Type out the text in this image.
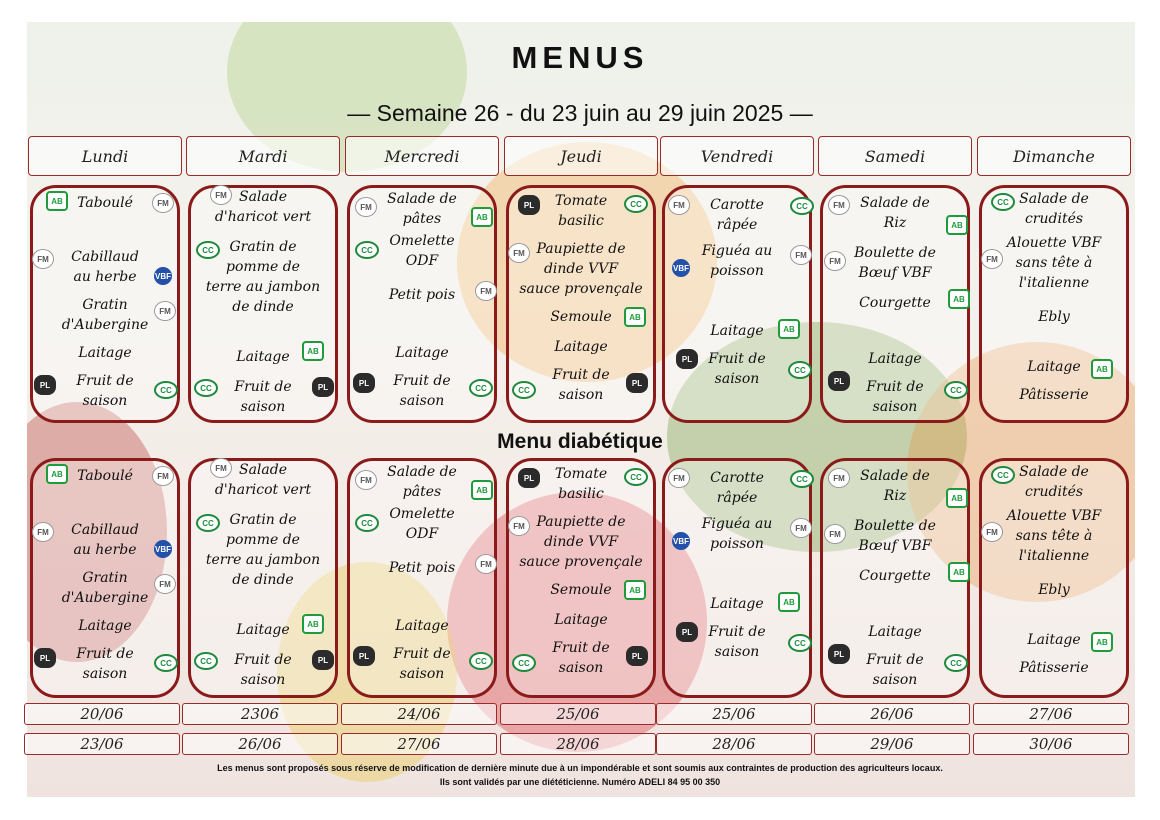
MENUS
— Semaine 26 - du 23 juin au 29 juin 2025 —
Menu diabétique
Lundi	Mardi	Mercredi	Jeudi	Vendredi	Samedi	Dimanche
Taboulé
Cabillaud
au herbe
Gratin
d'Aubergine
Laitage
Fruit de
saison
AB	FM
FM
VBF
FM
PL
CC
Salade
d'haricot vert
Gratin de
pomme de
terre au jambon
de dinde
Laitage
Fruit de
saison
FM
CC
AB
CC	PL
Salade de
pâtes
Omelette
ODF
Petit pois
Laitage
Fruit de
saison
FM
AB
CC
FM
PL
CC
Tomate
basilic
Paupiette de
dinde VVF
sauce provençale
Semoule
Laitage
Fruit de
saison
PL	CC
FM
AB
CC
PL
Carotte
râpée
Figuéa au
poisson
Laitage
Fruit de
saison
FM	CC
VBF
FM
AB
PL
CC
Salade de
Riz
Boulette de
Bœuf VBF
Courgette
Laitage
Fruit de
saison
FM
AB
FM
AB
PL
CC
Salade de
crudités
Alouette VBF
sans tête à
l'italienne
Ebly
Laitage
Pâtisserie
CC
FM
AB
Taboulé
Cabillaud
au herbe
Gratin
d'Aubergine
Laitage
Fruit de
saison
AB	FM
FM
VBF
FM
PL
CC
Salade
d'haricot vert
Gratin de
pomme de
terre au jambon
de dinde
Laitage
Fruit de
saison
FM
CC
AB
CC	PL
Salade de
pâtes
Omelette
ODF
Petit pois
Laitage
Fruit de
saison
FM
AB
CC
FM
PL
CC
Tomate
basilic
Paupiette de
dinde VVF
sauce provençale
Semoule
Laitage
Fruit de
saison
PL	CC
FM
AB
CC
PL
Carotte
râpée
Figuéa au
poisson
Laitage
Fruit de
saison
FM	CC
VBF
FM
AB
PL
CC
Salade de
Riz
Boulette de
Bœuf VBF
Courgette
Laitage
Fruit de
saison
FM
AB
FM
AB
PL
CC
Salade de
crudités
Alouette VBF
sans tête à
l'italienne
Ebly
Laitage
Pâtisserie
CC
FM
AB
20/06	2306	24/06	25/06	25/06	26/06	27/06
23/06	26/06	27/06	28/06	28/06	29/06	30/06
Les menus sont proposés sous réserve de modification de dernière minute due à un impondérable et sont soumis aux contraintes de production des agriculteurs locaux.
Ils sont validés par une diététicienne. Numéro ADELI 84 95 00 350
